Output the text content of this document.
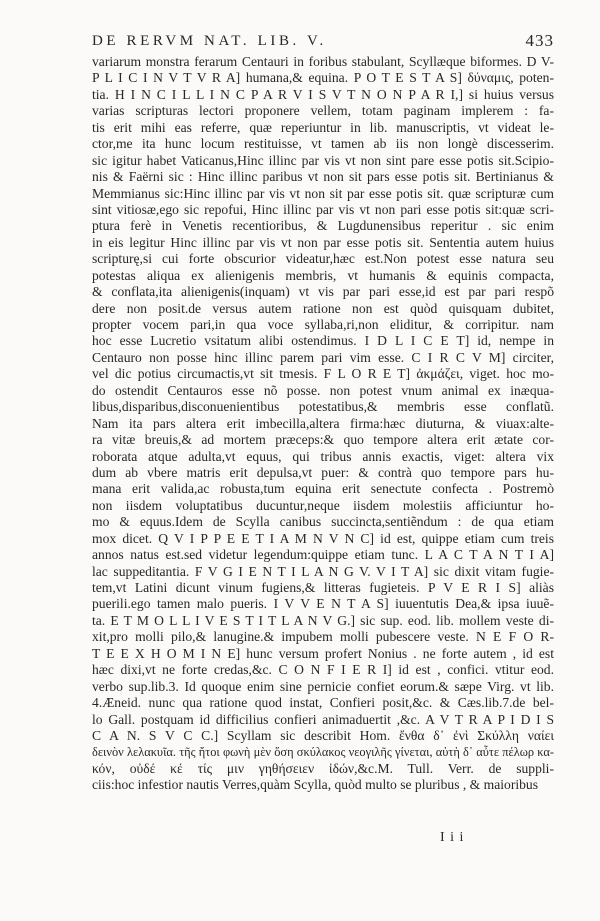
DE RERVM NAT. LIB. V.	433
variarum monstra ferarum Centauri in foribus stabulant, Scyllæque biformes. D V-
P L I C I N V T V R A] humana,& equina. P O T E S T A S] δύναμις, poten-
tia. H I N C I L L I N C P A R V I S V T N O N P A R I,] si huius versus
varias scripturas lectori proponere vellem, totam paginam implerem : fa-
tis erit mihi eas referre, quæ reperiuntur in lib. manuscriptis, vt videat le-
ctor,me ita hunc locum restituisse, vt tamen ab iis non longè discesserim.
sic igitur habet Vaticanus,Hinc illinc par vis vt non sint pare esse potis sit.Scipio-
nis & Faërni sic : Hinc illinc paribus vt non sit pars esse potis sit. Bertinianus &
Memmianus sic:Hinc illinc par vis vt non sit par esse potis sit. quæ scripturæ cum
sint vitiosæ,ego sic repofui, Hinc illinc par vis vt non pari esse potis sit:quæ scri-
ptura ferè in Venetis recentioribus, & Lugdunensibus reperitur . sic enim
in eis legitur Hinc illinc par vis vt non par esse potis sit. Sententia autem huius
scripturę,si cui forte obscurior videatur,hæc est.Non potest esse natura seu
potestas aliqua ex alienigenis membris, vt humanis & equinis compacta,
& conflata,ita alienigenis(inquam) vt vis par pari esse,id est par pari respõ
dere non posit.de versus autem ratione non est quòd quisquam dubitet,
propter vocem pari,in qua voce syllaba,ri,non eliditur, & corripitur. nam
hoc esse Lucretio vsitatum alibi ostendimus. I D L I C E T] id, nempe in
Centauro non posse hinc illinc parem pari vim esse. C I R C V M] circiter,
vel dic potius circumactis,vt sit tmesis. F L O R E T] ἀκμάζει, viget. hoc mo-
do ostendit Centauros esse nõ posse. non potest vnum animal ex inæqua-
libus,disparibus,disconuenientibus potestatibus,& membris esse conflatũ.
Nam ita pars altera erit imbecilla,altera firma:hæc diuturna, & viuax:alte-
ra vitæ breuis,& ad mortem præceps:& quo tempore altera erit ætate cor-
roborata atque adulta,vt equus, qui tribus annis exactis, viget: altera vix
dum ab vbere matris erit depulsa,vt puer: & contrà quo tempore pars hu-
mana erit valida,ac robusta,tum equina erit senectute confecta . Postremò
non iisdem voluptatibus ducuntur,neque iisdem molestiis afficiuntur ho-
mo & equus.Idem de Scylla canibus succincta,sentiẽndum : de qua etiam
mox dicet. Q V I P P E E T I A M N V N C] id est, quippe etiam cum treis
annos natus est.sed videtur legendum:quippe etiam tunc. L A C T A N T I A]
lac suppeditantia. F V G I E N T I L A N G V. V I T A] sic dixit vitam fugie-
tem,vt Latini dicunt vinum fugiens,& litteras fugieteis. P V E R I S] aliàs
puerili.ego tamen malo pueris. I V V E N T A S] iuuentutis Dea,& ipsa iuuẽ-
ta. E T M O L L I V E S T I T L A N V G.] sic sup. eod. lib. mollem veste di-
xit,pro molli pilo,& lanugine.& impubem molli pubescere veste. N E F O R-
T E E X H O M I N E] hunc versum profert Nonius . ne forte autem , id est
hæc dixi,vt ne forte credas,&c. C O N F I E R I] id est , confici. vtitur eod.
verbo sup.lib.3. Id quoque enim sine pernicie confiet eorum.& sæpe Virg. vt lib.
4.Æneid. nunc qua ratione quod instat, Confieri posit,&c. & Cæs.lib.7.de bel-
lo Gall. postquam id difficilius confieri animaduertit ,&c. A V T R A P I D I S
C A N. S V C C.] Scyllam sic describit Hom. ἔνθα δ᾽ ἐνὶ Σκύλλη ναίει
δεινὸν λελακυῖα. τῆς ἤτοι φωνὴ μὲν ὅση σκύλακος νεογιλῆς γίνεται, αὐτὴ δ᾽ αὖτε πέλωρ κα-
κόν, οὐδέ κέ τίς μιν γηθήσειεν ἰδών,&c.M. Tull. Verr. de suppli-
ciis:hoc infestior nautis Verres,quàm Scylla, quòd multo se pluribus , & maioribus
I i i
